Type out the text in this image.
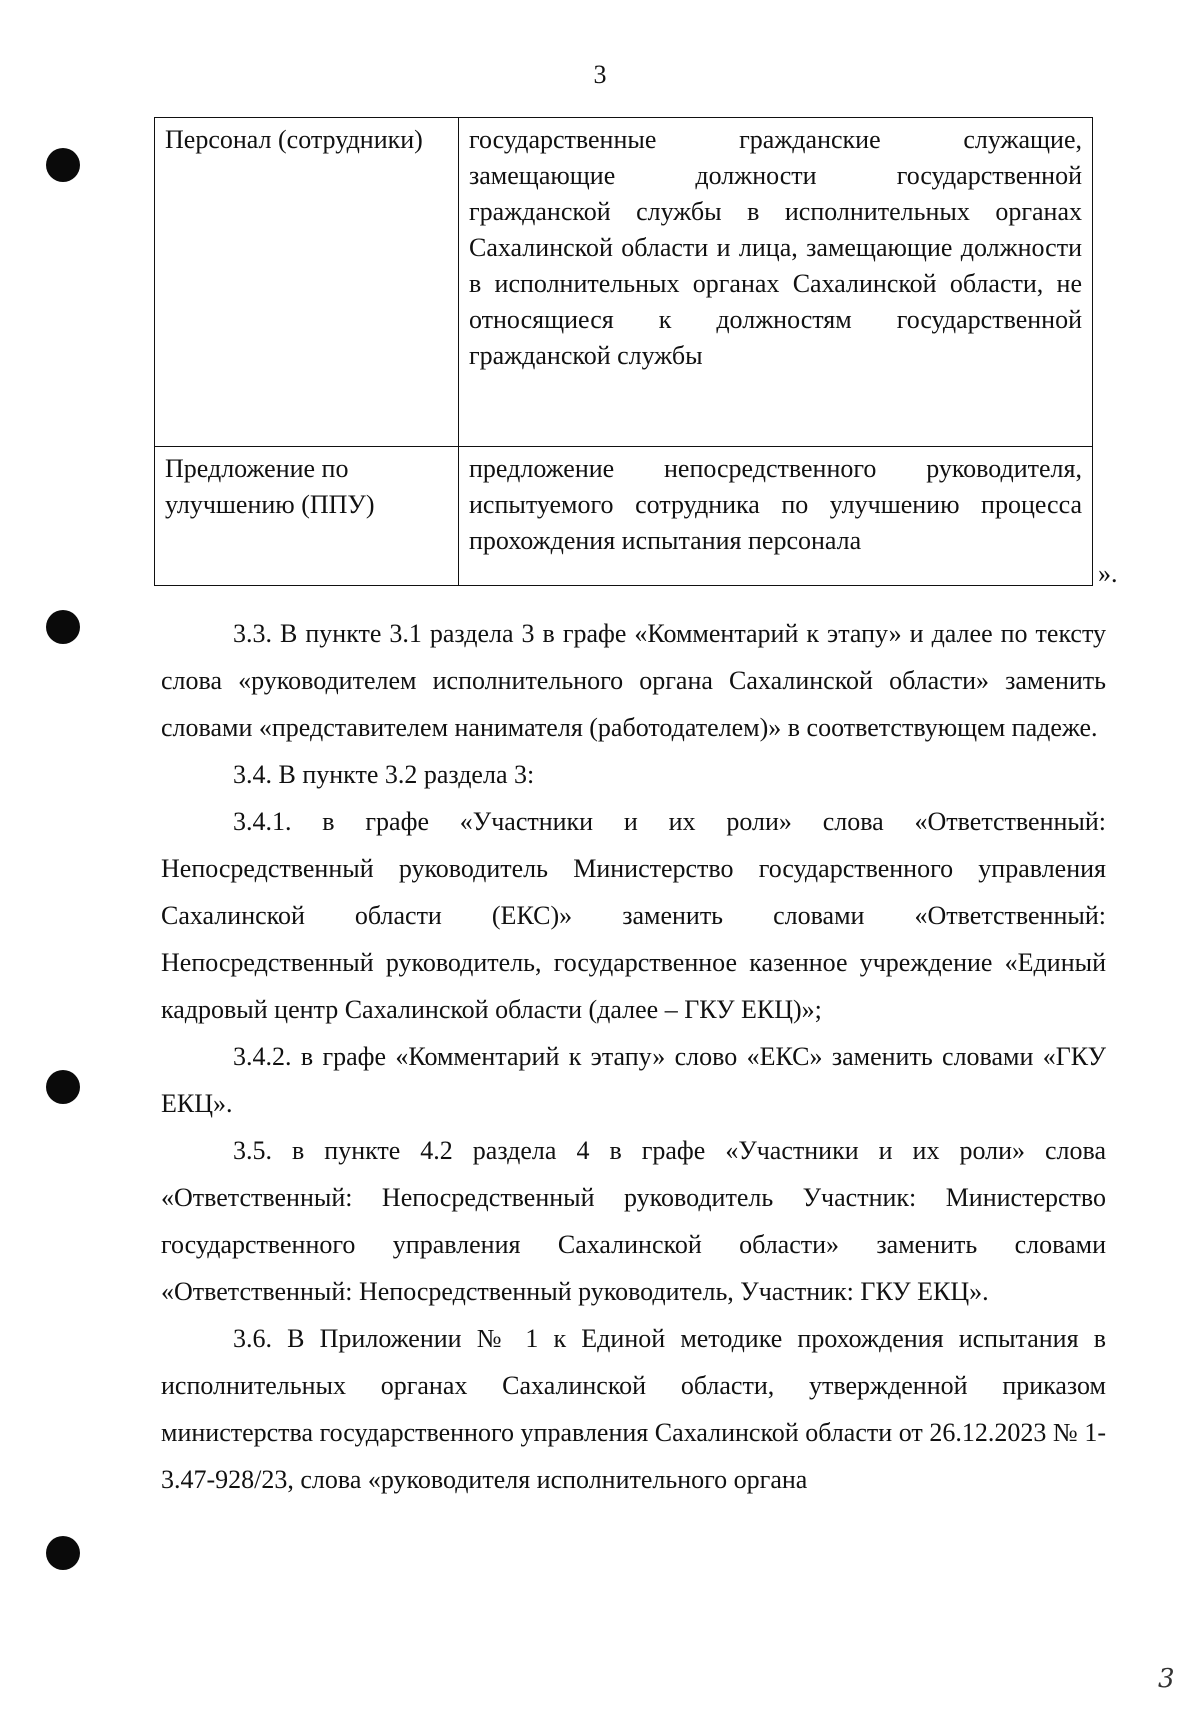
3
Персонал (сотрудники)	государственные гражданские служащие, замещающие должности государственной гражданской службы в исполнительных органах Сахалинской области и лица, замещающие должности в исполнительных органах Сахалинской области, не относящиеся к должностям государственной гражданской службы
Предложение по улучшению (ППУ)	предложение непосредственного руководителя, испытуемого сотрудника по улучшению процесса прохождения испытания персонала
».

3.3. В пункте 3.1 раздела 3 в графе «Комментарий к этапу» и далее по тексту слова «руководителем исполнительного органа Сахалинской области» заменить словами «представителем нанимателя (работодателем)» в соответствующем падеже.

3.4. В пункте 3.2 раздела 3:

3.4.1. в графе «Участники и их роли» слова «Ответственный: Непосредственный руководитель Министерство государственного управления Сахалинской области (ЕКС)» заменить словами «Ответственный: Непосредственный руководитель, государственное казенное учреждение «Единый кадровый центр Сахалинской области (далее – ГКУ ЕКЦ)»;

3.4.2. в графе «Комментарий к этапу» слово «ЕКС» заменить словами «ГКУ ЕКЦ».

3.5. в пункте 4.2 раздела 4 в графе «Участники и их роли» слова «Ответственный: Непосредственный руководитель Участник: Министерство государственного управления Сахалинской области» заменить словами «Ответственный: Непосредственный руководитель, Участник: ГКУ ЕКЦ».

3.6. В Приложении № 1 к Единой методике прохождения испытания в исполнительных органах Сахалинской области, утвержденной приказом министерства государственного управления Сахалинской области от 26.12.2023 № 1-3.47-928/23, слова «руководителя исполнительного органа

3
